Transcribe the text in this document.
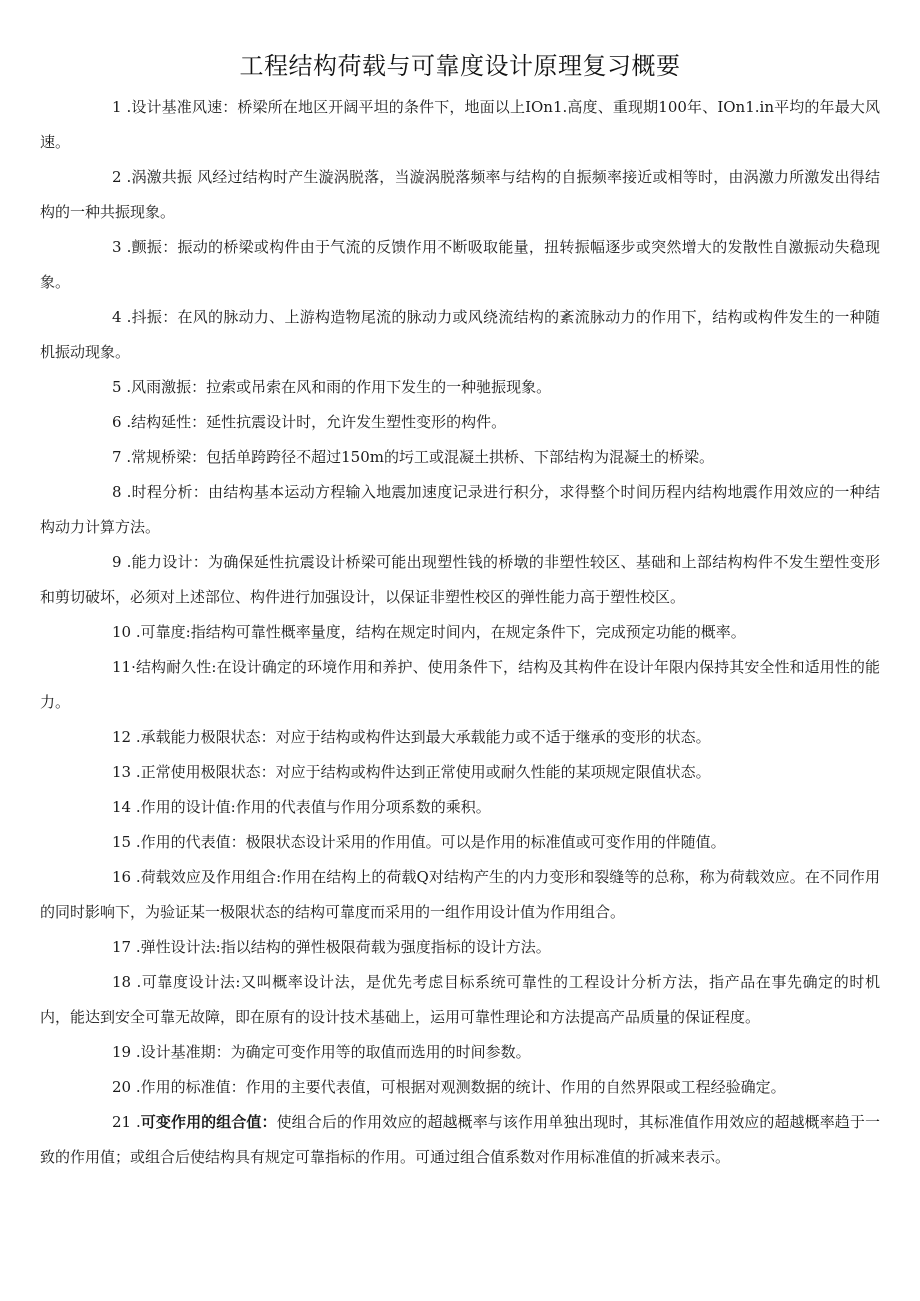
工程结构荷载与可靠度设计原理复习概要

1 .设计基准风速：桥梁所在地区开阔平坦的条件下，地面以上IOn1.高度、重现期100年、IOn1.in平均的年最大风速。

2 .涡激共振 风经过结构时产生漩涡脱落，当漩涡脱落频率与结构的自振频率接近或相等时，由涡激力所激发出得结构的一种共振现象。

3 .颤振：振动的桥梁或构件由于气流的反馈作用不断吸取能量，扭转振幅逐步或突然增大的发散性自激振动失稳现象。

4 .抖振：在风的脉动力、上游构造物尾流的脉动力或风绕流结构的紊流脉动力的作用下，结构或构件发生的一种随机振动现象。

5 .风雨激振：拉索或吊索在风和雨的作用下发生的一种驰振现象。

6 .结构延性：延性抗震设计时，允许发生塑性变形的构件。

7 .常规桥梁：包括单跨跨径不超过150m的圬工或混凝土拱桥、下部结构为混凝土的桥梁。

8 .时程分析：由结构基本运动方程输入地震加速度记录进行积分，求得整个时间历程内结构地震作用效应的一种结构动力计算方法。

9 .能力设计：为确保延性抗震设计桥梁可能出现塑性钱的桥墩的非塑性较区、基础和上部结构构件不发生塑性变形和剪切破坏，必须对上述部位、构件进行加强设计，以保证非塑性校区的弹性能力高于塑性校区。

10 .可靠度:指结构可靠性概率量度，结构在规定时间内，在规定条件下，完成预定功能的概率。

11·结构耐久性:在设计确定的环境作用和养护、使用条件下，结构及其构件在设计年限内保持其安全性和适用性的能力。

12 .承载能力极限状态：对应于结构或构件达到最大承载能力或不适于继承的变形的状态。

13 .正常使用极限状态：对应于结构或构件达到正常使用或耐久性能的某项规定限值状态。

14 .作用的设计值:作用的代表值与作用分项系数的乘积。

15 .作用的代表值：极限状态设计采用的作用值。可以是作用的标准值或可变作用的伴随值。

16 .荷载效应及作用组合:作用在结构上的荷载Q对结构产生的内力变形和裂缝等的总称，称为荷载效应。在不同作用的同时影响下，为验证某一极限状态的结构可靠度而采用的一组作用设计值为作用组合。

17 .弹性设计法:指以结构的弹性极限荷载为强度指标的设计方法。

18 .可靠度设计法:又叫概率设计法，是优先考虑目标系统可靠性的工程设计分析方法，指产品在事先确定的时机内，能达到安全可靠无故障，即在原有的设计技术基础上，运用可靠性理论和方法提高产品质量的保证程度。

19 .设计基准期：为确定可变作用等的取值而选用的时间参数。

20 .作用的标准值：作用的主要代表值，可根据对观测数据的统计、作用的自然界限或工程经验确定。

21 .可变作用的组合值：使组合后的作用效应的超越概率与该作用单独出现时，其标准值作用效应的超越概率趋于一致的作用值；或组合后使结构具有规定可靠指标的作用。可通过组合值系数对作用标准值的折减来表示。
